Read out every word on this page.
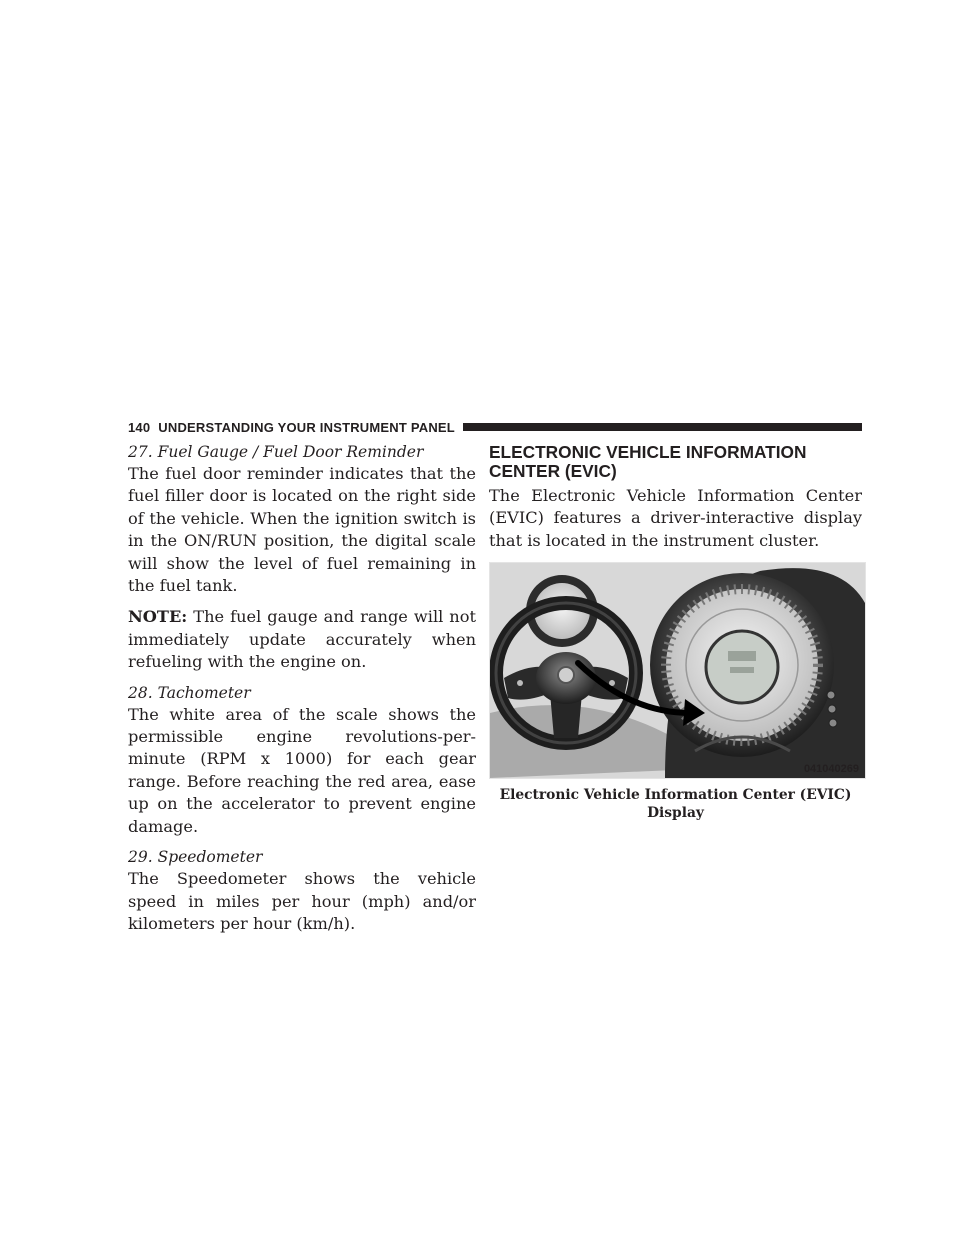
140 UNDERSTANDING YOUR INSTRUMENT PANEL

27. Fuel Gauge / Fuel Door Reminder

The fuel door reminder indicates that the fuel filler door is located on the right side of the vehicle. When the ignition switch is in the ON/RUN position, the digital scale will show the level of fuel remaining in the fuel tank.

NOTE: The fuel gauge and range will not immediately update accurately when refueling with the engine on.

28. Tachometer

The white area of the scale shows the permissible engine revolutions-per-minute (RPM x 1000) for each gear range. Before reaching the red area, ease up on the accelerator to prevent engine damage.

29. Speedometer

The Speedometer shows the vehicle speed in miles per hour (mph) and/or kilometers per hour (km/h).

ELECTRONIC VEHICLE INFORMATION CENTER (EVIC)

The Electronic Vehicle Information Center (EVIC) features a driver-interactive display that is located in the instrument cluster.

041040269
Electronic Vehicle Information Center (EVIC) Display
